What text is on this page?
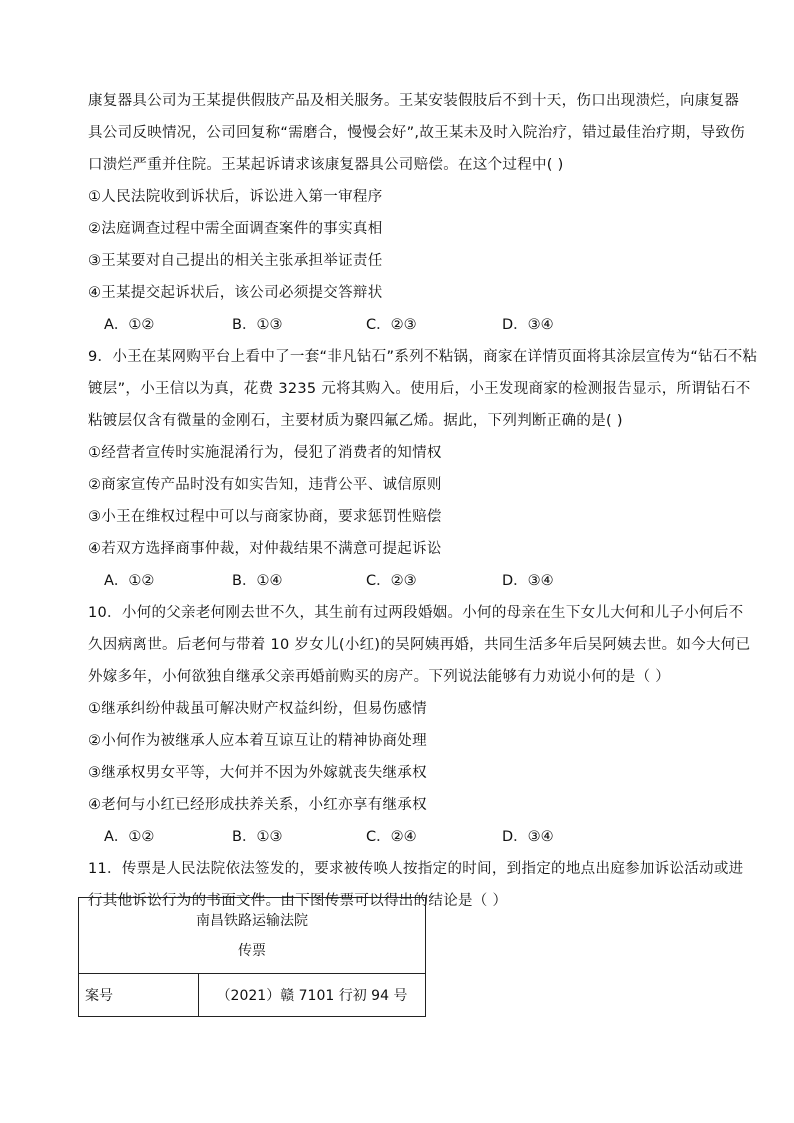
康复器具公司为王某提供假肢产品及相关服务。王某安装假肢后不到十天，伤口出现溃烂，向康复器
具公司反映情况，公司回复称“需磨合，慢慢会好”,故王某未及时入院治疗，错过最佳治疗期，导致伤
口溃烂严重并住院。王某起诉请求该康复器具公司赔偿。在这个过程中( )
①人民法院收到诉状后，诉讼进入第一审程序
②法庭调查过程中需全面调查案件的事实真相
③王某要对自己提出的相关主张承担举证责任
④王某提交起诉状后，该公司必须提交答辩状
A．①②	B．①③	C．②③	D．③④
9．小王在某网购平台上看中了一套“非凡钻石”系列不粘锅，商家在详情页面将其涂层宣传为“钻石不粘
镀层”，小王信以为真，花费 3235 元将其购入。使用后，小王发现商家的检测报告显示，所谓钻石不
粘镀层仅含有微量的金刚石，主要材质为聚四氟乙烯。据此，下列判断正确的是( )
①经营者宣传时实施混淆行为，侵犯了消费者的知情权
②商家宣传产品时没有如实告知，违背公平、诚信原则
③小王在维权过程中可以与商家协商，要求惩罚性赔偿
④若双方选择商事仲裁，对仲裁结果不满意可提起诉讼
A．①②	B．①④	C．②③	D．③④
10．小何的父亲老何刚去世不久，其生前有过两段婚姻。小何的母亲在生下女儿大何和儿子小何后不
久因病离世。后老何与带着 10 岁女儿(小红)的吴阿姨再婚，共同生活多年后吴阿姨去世。如今大何已
外嫁多年，小何欲独自继承父亲再婚前购买的房产。下列说法能够有力劝说小何的是（ ）
①继承纠纷仲裁虽可解决财产权益纠纷，但易伤感情
②小何作为被继承人应本着互谅互让的精神协商处理
③继承权男女平等，大何并不因为外嫁就丧失继承权
④老何与小红已经形成扶养关系，小红亦享有继承权
A．①②	B．①③	C．②④	D．③④
11．传票是人民法院依法签发的，要求被传唤人按指定的时间，到指定的地点出庭参加诉讼活动或进
行其他诉讼行为的书面文件。由下图传票可以得出的结论是（ ）
南昌铁路运输法院
传票

案号	（2021）赣 7101 行初 94 号
